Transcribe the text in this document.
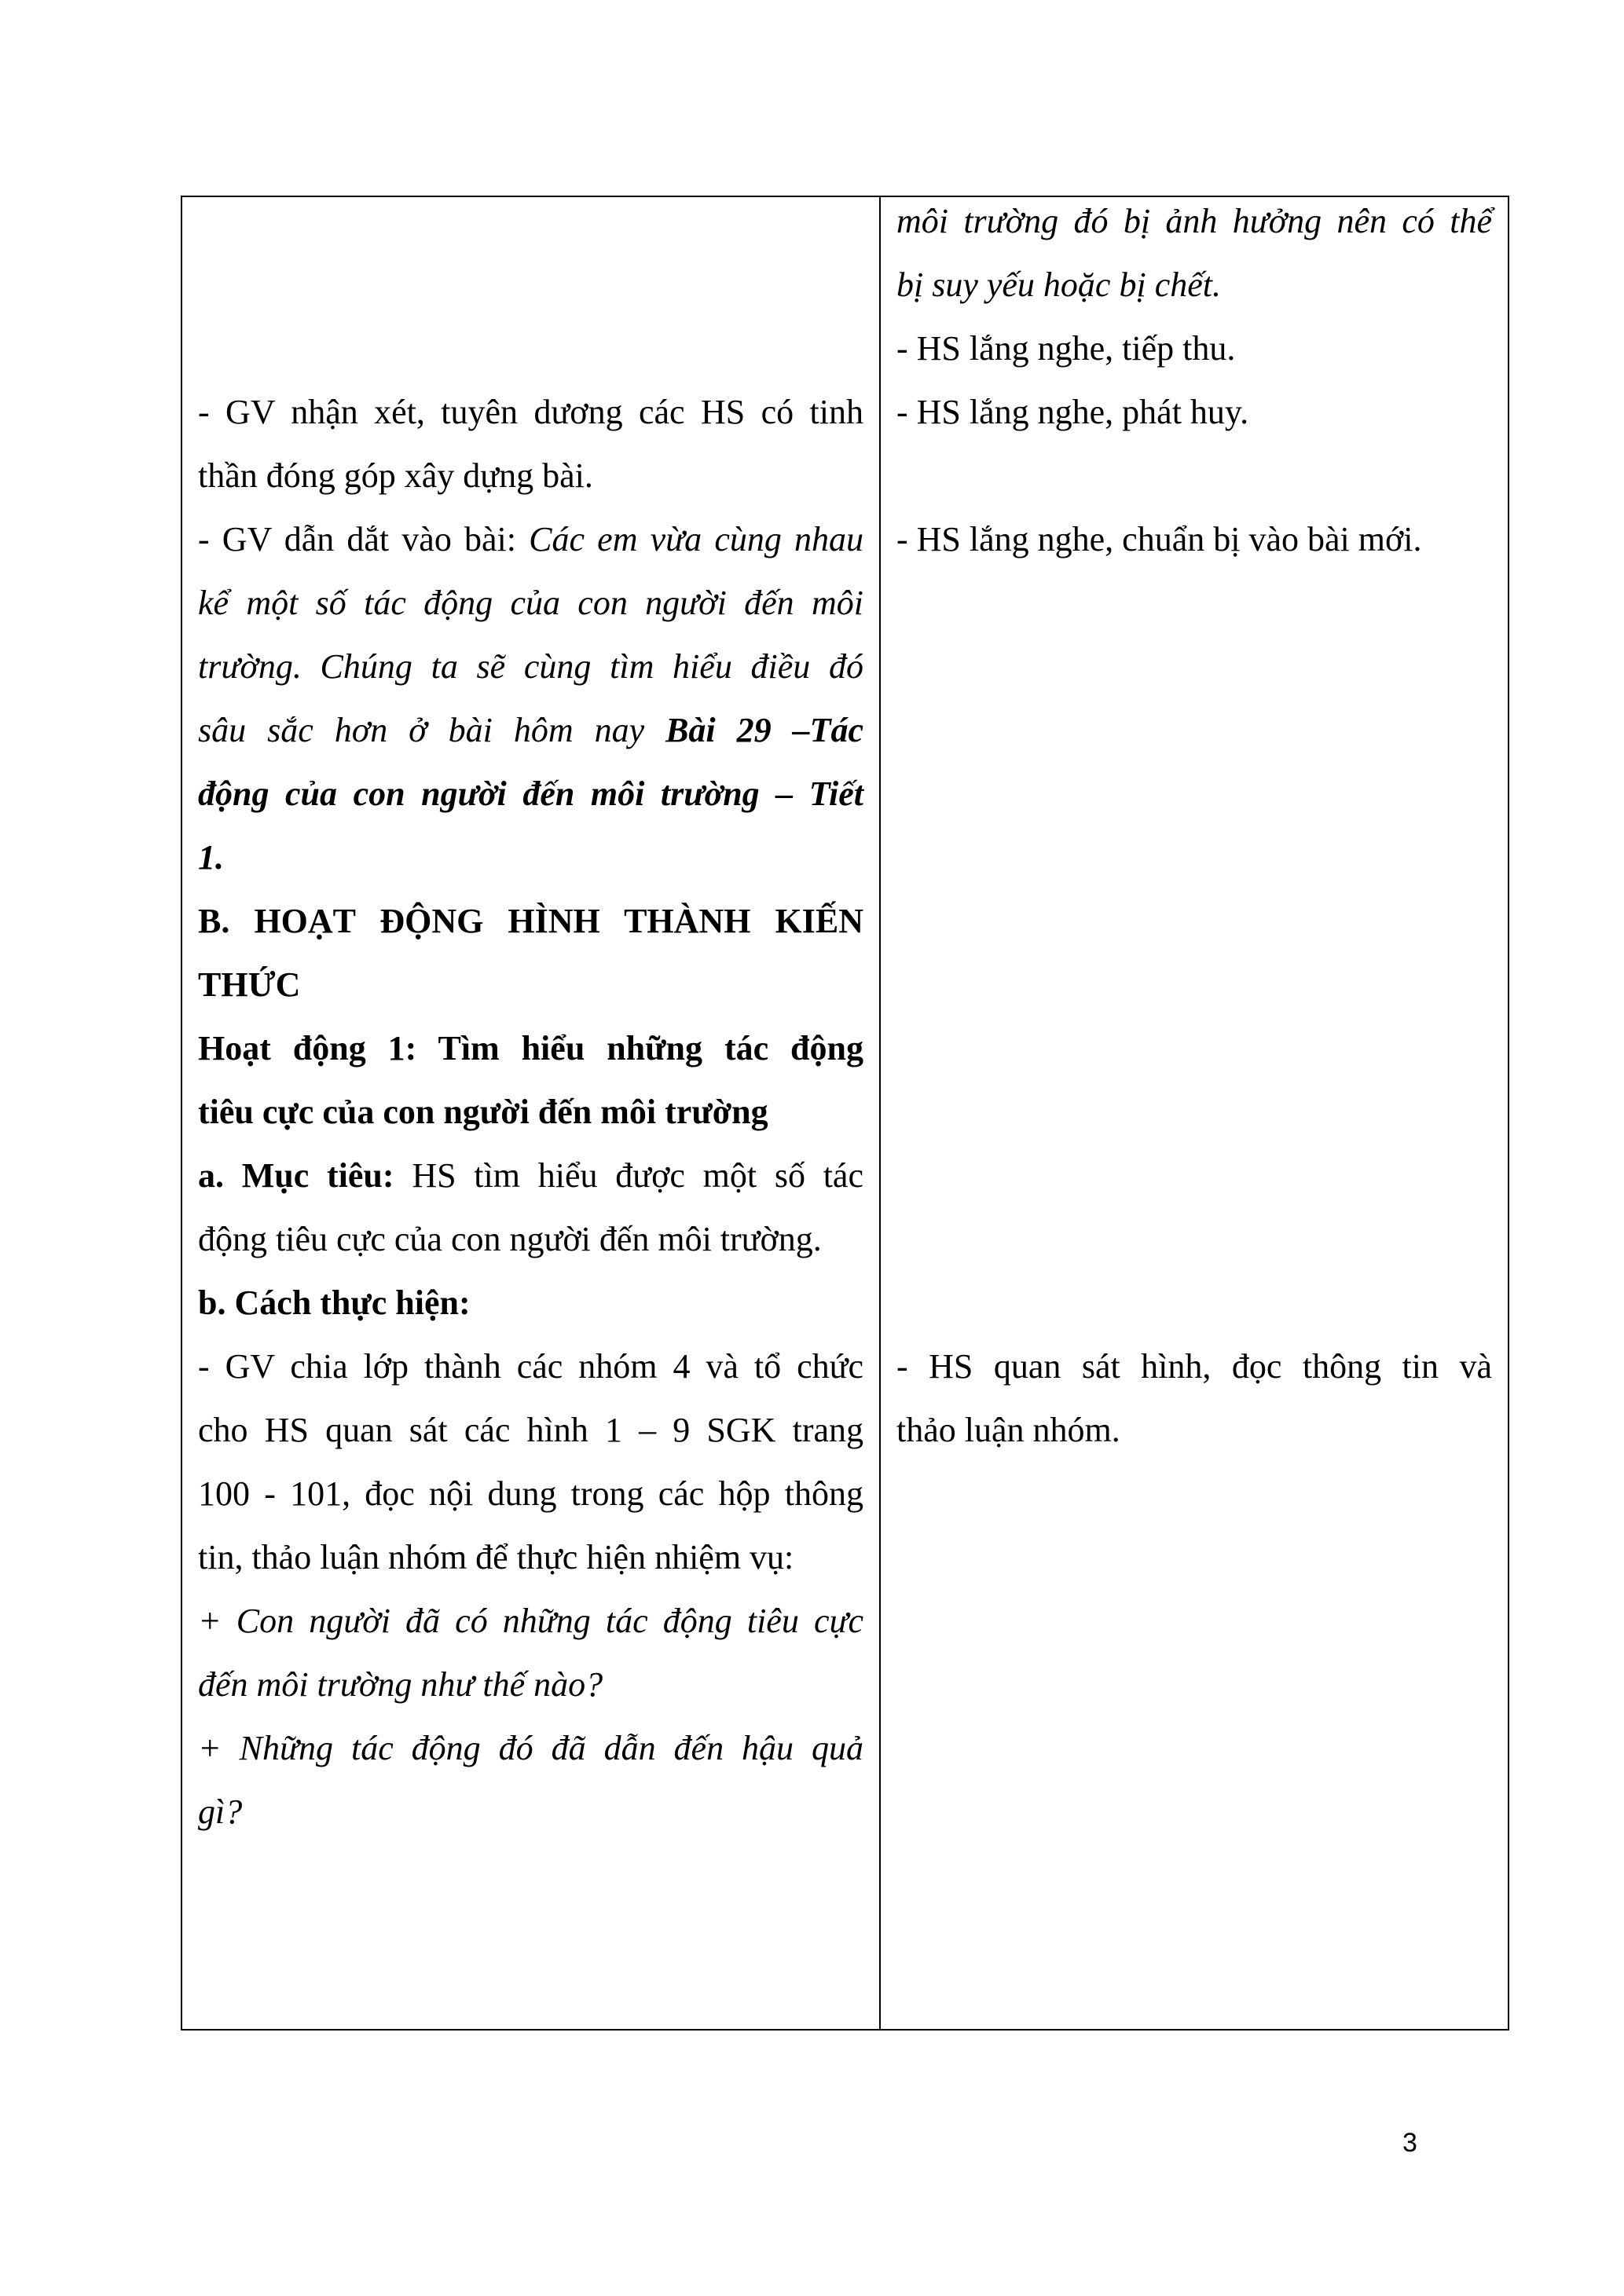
- GV nhận xét, tuyên dương các HS có tinh
thần đóng góp xây dựng bài.
- GV dẫn dắt vào bài: Các em vừa cùng nhau
kể một số tác động của con người đến môi
trường. Chúng ta sẽ cùng tìm hiểu điều đó
sâu sắc hơn ở bài hôm nay Bài 29 –Tác
động của con người đến môi trường – Tiết
1.
B. HOẠT ĐỘNG HÌNH THÀNH KIẾN
THỨC
Hoạt động 1: Tìm hiểu những tác động
tiêu cực của con người đến môi trường
a. Mục tiêu: HS tìm hiểu được một số tác
động tiêu cực của con người đến môi trường.
b. Cách thực hiện:
- GV chia lớp thành các nhóm 4 và tổ chức
cho HS quan sát các hình 1 – 9 SGK trang
100 - 101, đọc nội dung trong các hộp thông
tin, thảo luận nhóm để thực hiện nhiệm vụ:
+ Con người đã có những tác động tiêu cực
đến môi trường như thế nào?
+ Những tác động đó đã dẫn đến hậu quả
gì?
môi trường đó bị ảnh hưởng nên có thể
bị suy yếu hoặc bị chết.
- HS lắng nghe, tiếp thu.
- HS lắng nghe, phát huy.
- HS lắng nghe, chuẩn bị vào bài mới.
- HS quan sát hình, đọc thông tin và
thảo luận nhóm.
3
